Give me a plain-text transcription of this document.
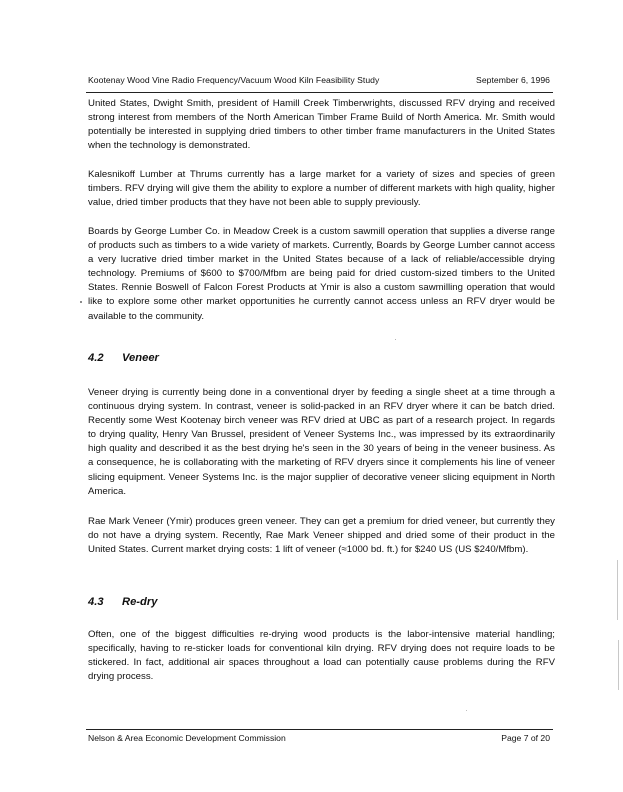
Kootenay Wood Vine Radio Frequency/Vacuum Wood Kiln Feasibility Study	September 6, 1996

United States, Dwight Smith, president of Hamill Creek Timberwrights, discussed RFV drying and received strong interest from members of the North American Timber Frame Build of North America. Mr. Smith would potentially be interested in supplying dried timbers to other timber frame manufacturers in the United States when the technology is demonstrated.

Kalesnikoff Lumber at Thrums currently has a large market for a variety of sizes and species of green timbers. RFV drying will give them the ability to explore a number of different markets with high quality, higher value, dried timber products that they have not been able to supply previously.

Boards by George Lumber Co. in Meadow Creek is a custom sawmill operation that supplies a diverse range of products such as timbers to a wide variety of markets. Currently, Boards by George Lumber cannot access a very lucrative dried timber market in the United States because of a lack of reliable/accessible drying technology. Premiums of $600 to $700/Mfbm are being paid for dried custom-sized timbers to the United States. Rennie Boswell of Falcon Forest Products at Ymir is also a custom sawmilling operation that would like to explore some other market opportunities he currently cannot access unless an RFV dryer would be available to the community.

4.2	Veneer

Veneer drying is currently being done in a conventional dryer by feeding a single sheet at a time through a continuous drying system. In contrast, veneer is solid-packed in an RFV dryer where it can be batch dried. Recently some West Kootenay birch veneer was RFV dried at UBC as part of a research project. In regards to drying quality, Henry Van Brussel, president of Veneer Systems Inc., was impressed by its extraordinarily high quality and described it as the best drying he's seen in the 30 years of being in the veneer business. As a consequence, he is collaborating with the marketing of RFV dryers since it complements his line of veneer slicing equipment. Veneer Systems Inc. is the major supplier of decorative veneer slicing equipment in North America.

Rae Mark Veneer (Ymir) produces green veneer. They can get a premium for dried veneer, but currently they do not have a drying system. Recently, Rae Mark Veneer shipped and dried some of their product in the United States. Current market drying costs: 1 lift of veneer (≈1000 bd. ft.) for $240 US (US $240/Mfbm).

4.3	Re-dry

Often, one of the biggest difficulties re-drying wood products is the labor-intensive material handling; specifically, having to re-sticker loads for conventional kiln drying. RFV drying does not require loads to be stickered. In fact, additional air spaces throughout a load can potentially cause problems during the RFV drying process.

Nelson & Area Economic Development Commission	Page 7 of 20
